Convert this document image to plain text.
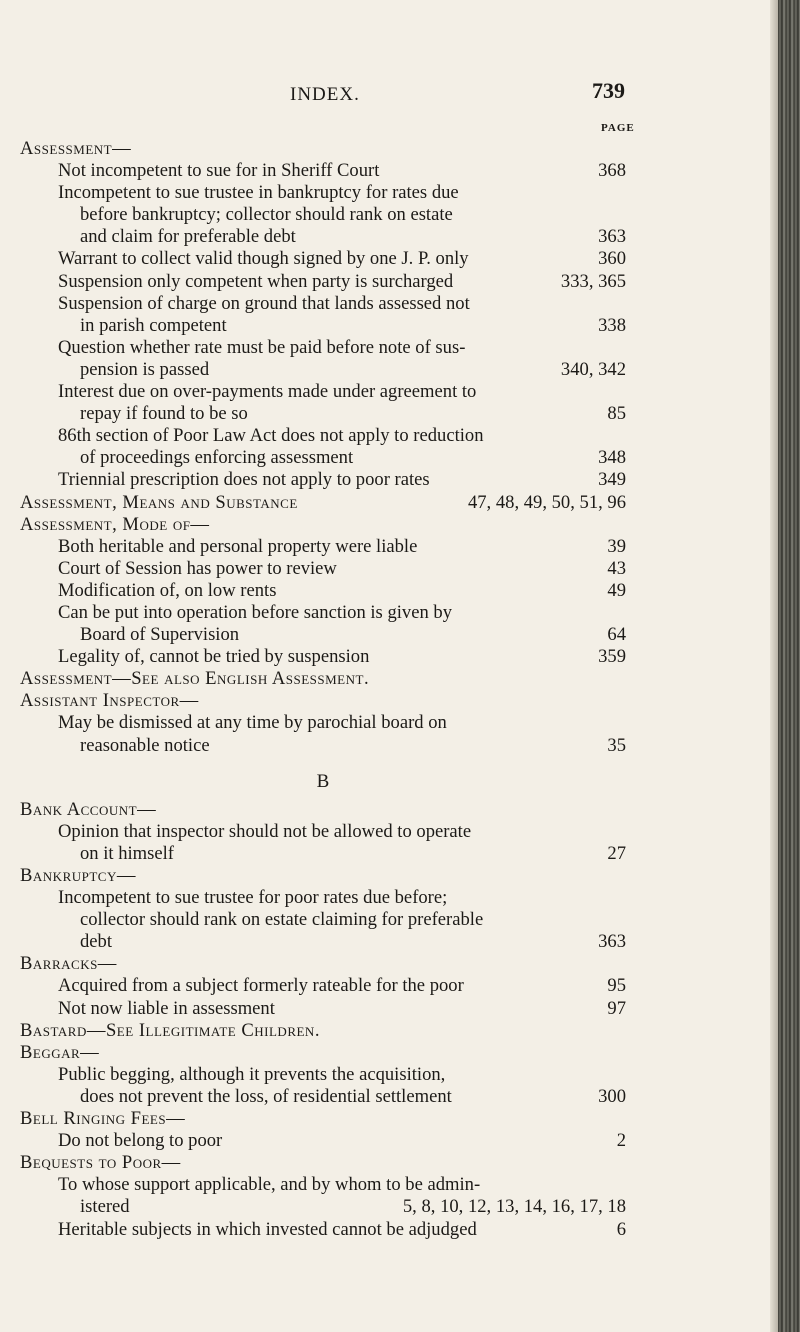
INDEX.	739
PAGE
Assessment—
Not incompetent to sue for in Sheriff Court	368
Incompetent to sue trustee in bankruptcy for rates due
before bankruptcy; collector should rank on estate
and claim for preferable debt	363
Warrant to collect valid though signed by one J. P. only	360
Suspension only competent when party is surcharged	333, 365
Suspension of charge on ground that lands assessed not
in parish competent	338
Question whether rate must be paid before note of sus-
pension is passed	340, 342
Interest due on over-payments made under agreement to
repay if found to be so	85
86th section of Poor Law Act does not apply to reduction
of proceedings enforcing assessment	348
Triennial prescription does not apply to poor rates	349
Assessment, Means and Substance	47, 48, 49, 50, 51, 96
Assessment, Mode of—
Both heritable and personal property were liable	39
Court of Session has power to review	43
Modification of, on low rents	49
Can be put into operation before sanction is given by
Board of Supervision	64
Legality of, cannot be tried by suspension	359
Assessment—See also English Assessment.
Assistant Inspector—
May be dismissed at any time by parochial board on
reasonable notice	35
B
Bank Account—
Opinion that inspector should not be allowed to operate
on it himself	27
Bankruptcy—
Incompetent to sue trustee for poor rates due before;
collector should rank on estate claiming for preferable
debt	363
Barracks—
Acquired from a subject formerly rateable for the poor	95
Not now liable in assessment	97
Bastard—See Illegitimate Children.
Beggar—
Public begging, although it prevents the acquisition,
does not prevent the loss, of residential settlement	300
Bell Ringing Fees—
Do not belong to poor	2
Bequests to Poor—
To whose support applicable, and by whom to be admin-
istered	5, 8, 10, 12, 13, 14, 16, 17, 18
Heritable subjects in which invested cannot be adjudged	6
